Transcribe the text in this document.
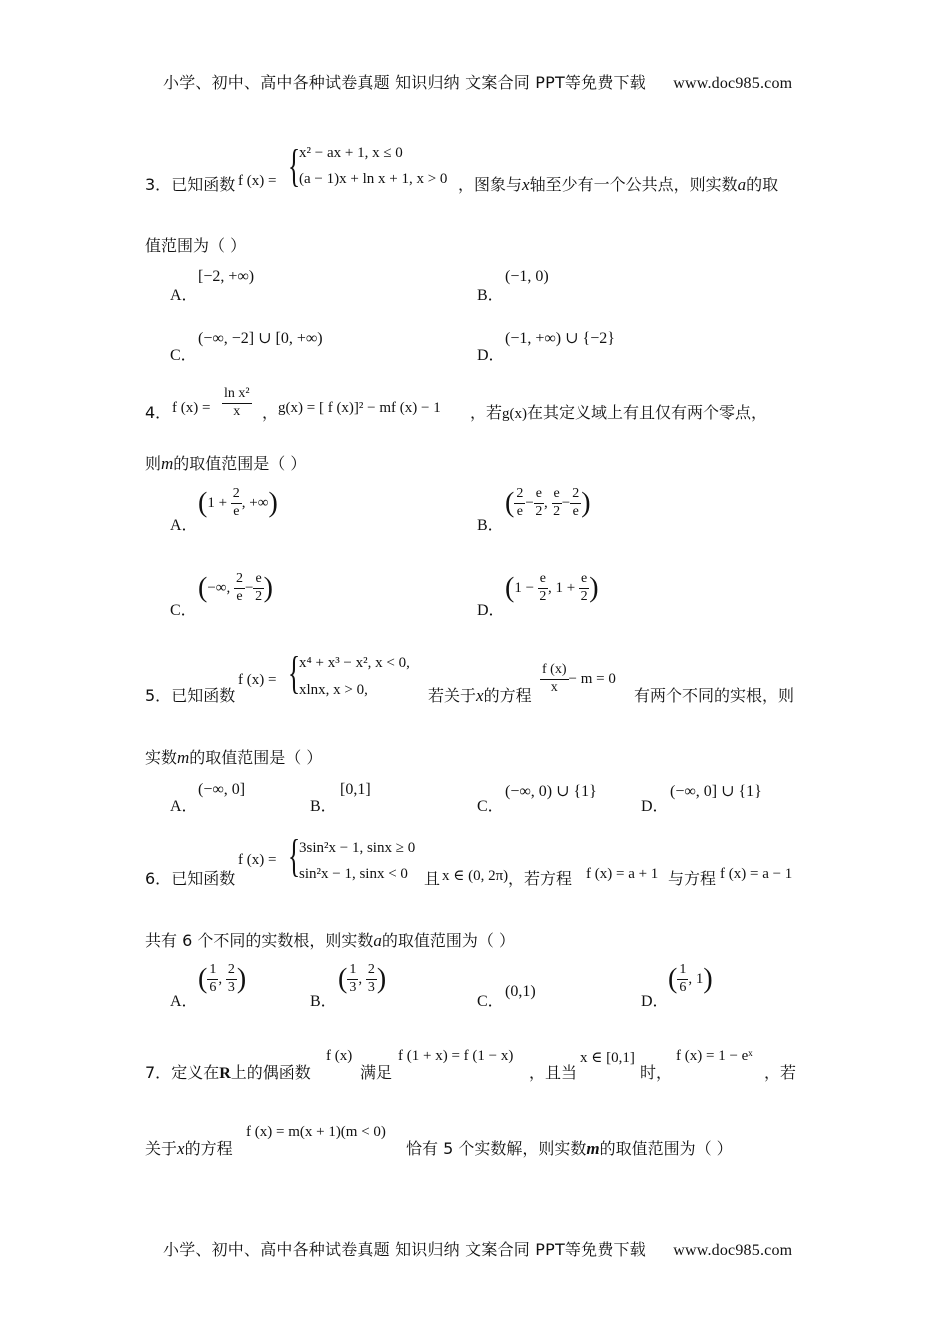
小学、初中、高中各种试卷真题 知识归纳 文案合同 PPT等免费下载 www.doc985.com
f (x) = {
x² − ax + 1, x ≤ 0
(a − 1)x + ln x + 1, x > 0
3．已知函数	，图象与x轴至少有一个公共点，则实数a的取
值范围为（ ）
A．
[−2, +∞)
B．
(−1, 0)
C．
(−∞, −2] ∪ [0, +∞)
D．
(−1, +∞) ∪ {−2}
4． f $(x) = \frac{\text{ln x²}}{x}$ ， g(x) = [ f (x)]² − mf (x) − 1 ，若g(x)在其定义域上有且仅有两个零点，
则m的取值范围是（ ）
A．
($1 + \frac{2}{e}$ , +∞)
B．
( $\frac{2}{e} - \frac{e}{2}$ , $\frac{e}{2} - \frac{2}{e}$ )
C．
(−∞, $\frac{2}{e} - \frac{e}{2}$ )
D．
($1 - \frac{e}{2}$ , $1 + \frac{e}{2}$ )
5．已知函数
f (x) = {
x⁴ + x³ − x², x < 0,
xlnx, x > 0,	若关于x的方程 $\frac{f (x)}{x} - m = 0$
有两个不同的实根，则
实数m的取值范围是（ ）
A．
(−∞, 0]
B．
[0,1]
C．
(−∞, 0) ∪ {1}
D．
(−∞, 0] ∪ {1}
6．已知函数
f (x) = {
3sin²x − 1, sinx ≥ 0
sin²x − 1, sinx < 0 且 x ∈ (0, 2π) ，若方程 f (x) = a + 1 与方程 f (x) = a − 1
共有 6 个不同的实数根，则实数a的取值范围为（ ）
A．
( $\frac{1}{6}$ , $\frac{2}{3}$ )
B．
( $\frac{1}{3}$ , $\frac{2}{3}$ )
C．
(0,1)
D．
( $\frac{1}{6}$ , 1)
7．定义在R上的偶函数
f (x)
满足
f (1 + x) = f (1 − x)
，且当
x ∈ [0,1]
时，
f (x) = 1 − eˣ
，若
关于x的方程
f (x) = m(x + 1)(m < 0)
恰有 5 个实数解，则实数m的取值范围为（ ）
小学、初中、高中各种试卷真题 知识归纳 文案合同 PPT等免费下载 www.doc985.com
